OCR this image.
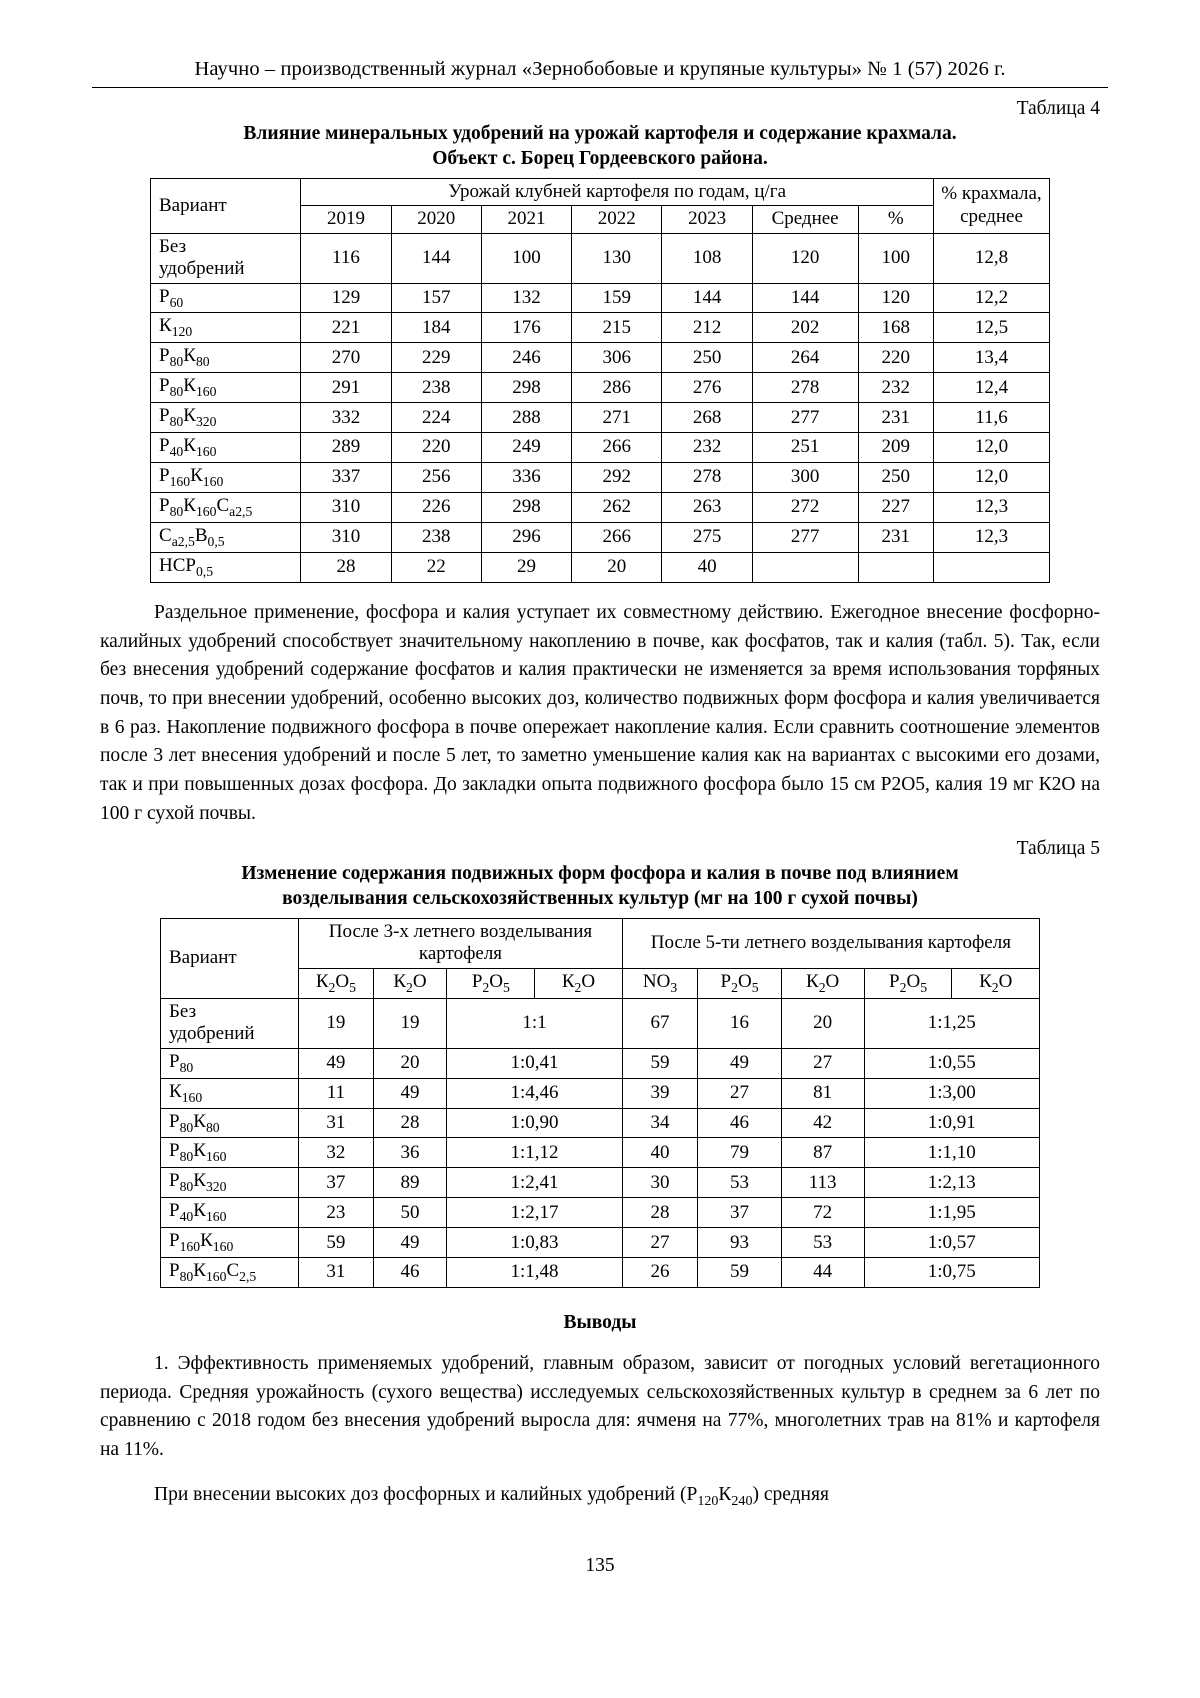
Научно – производственный журнал «Зернобобовые и крупяные культуры» № 1 (57) 2026 г.
Таблица 4
Влияние минеральных удобрений на урожай картофеля и содержание крахмала.
Объект с. Борец Гордеевского района.
Вариант	Урожай клубней картофеля по годам, ц/га							% крахмала, среднее
	2019	2020	2021	2022	2023	Среднее	%	
Без
удобрений	116	144	100	130	108	120	100	12,8
$Р_{60}$	129	157	132	159	144	144	120	12,2
$К_{120}$	221	184	176	215	212	202	168	12,5
$Р_{80}К_{80}$	270	229	246	306	250	264	220	13,4
$Р_{80}К_{160}$	291	238	298	286	276	278	232	12,4
$Р_{80}К_{320}$	332	224	288	271	268	277	231	11,6
$Р_{40}К_{160}$	289	220	249	266	232	251	209	12,0
$Р_{160}К_{160}$	337	256	336	292	278	300	250	12,0
$Р_{80}К_{160}С_{а2,5}$	310	226	298	262	263	272	227	12,3
$С_{а2,5}В_{0,5}$	310	238	296	266	275	277	231	12,3
$НСР_{0,5}$	28	22	29	20	40			

Раздельное применение, фосфора и калия уступает их совместному действию. Ежегодное внесение фосфорно-калийных удобрений способствует значительному накоплению в почве, как фосфатов, так и калия (табл. 5). Так, если без внесения удобрений содержание фосфатов и калия практически не изменяется за время использования торфяных почв, то при внесении удобрений, особенно высоких доз, количество подвижных форм фосфора и калия увеличивается в 6 раз. Накопление подвижного фосфора в почве опережает накопление калия. Если сравнить соотношение элементов после 3 лет внесения удобрений и после 5 лет, то заметно уменьшение калия как на вариантах с высокими его дозами, так и при повышенных дозах фосфора. До закладки опыта подвижного фосфора было 15 см Р2О5, калия 19 мг К2О на 100 г сухой почвы.

Таблица 5
Изменение содержания подвижных форм фосфора и калия в почве под влиянием
возделывания сельскохозяйственных культур (мг на 100 г сухой почвы)
Вариант	После 3-х летнего возделывания картофеля				После 5-ти летнего возделывания картофеля				
	$К_2О_5$	$К_2О$	$Р_2О_5$	$К_2О$	$NO_3$	$Р_2О_5$	$К_2О$	$Р_2О_5$	$К_2О$
Без
удобрений	19	19	1:1		67	16	20	1:1,25	
$Р_{80}$	49	20	1:0,41		59	49	27	1:0,55	
$К_{160}$	11	49	1:4,46		39	27	81	1:3,00	
$Р_{80}К_{80}$	31	28	1:0,90		34	46	42	1:0,91	
$Р_{80}К_{160}$	32	36	1:1,12		40	79	87	1:1,10	
$Р_{80}К_{320}$	37	89	1:2,41		30	53	113	1:2,13	
$Р_{40}К_{160}$	23	50	1:2,17		28	37	72	1:1,95	
$Р_{160}К_{160}$	59	49	1:0,83		27	93	53	1:0,57	
$Р_{80}К_{160}С_{2,5}$	31	46	1:1,48		26	59	44	1:0,75	
Выводы

1. Эффективность применяемых удобрений, главным образом, зависит от погодных условий вегетационного периода. Средняя урожайность (сухого вещества) исследуемых сельскохозяйственных культур в среднем за 6 лет по сравнению с 2018 годом без внесения удобрений выросла для: ячменя на 77%, многолетних трав на 81% и картофеля на 11%.

При внесении высоких доз фосфорных и калийных удобрений $(Р_{120}К_{240})$ средняя

135
